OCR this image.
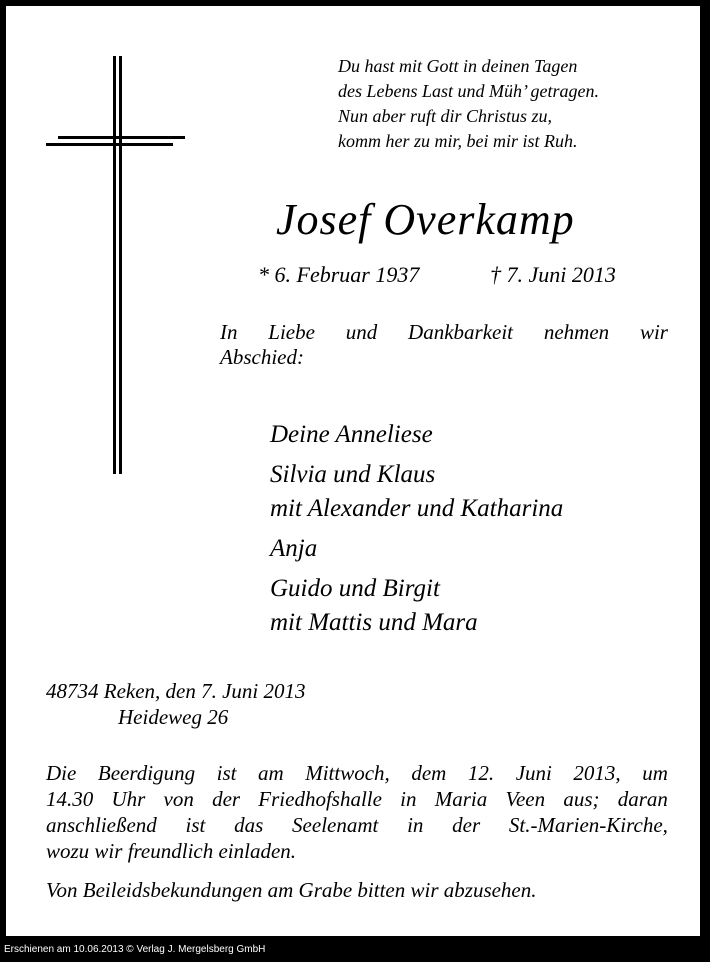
Du hast mit Gott in deinen Tagen
des Lebens Last und Müh’ getragen.
Nun aber ruft dir Christus zu,
komm her zu mir, bei mir ist Ruh.
Josef Overkamp
* 6. Februar 1937	† 7. Juni 2013
In Liebe und Dankbarkeit nehmen wir
Abschied:
Deine Anneliese
Silvia und Klaus
mit Alexander und Katharina
Anja
Guido und Birgit
mit Mattis und Mara
48734 Reken, den 7. Juni 2013
Heideweg 26
Die Beerdigung ist am Mittwoch, dem 12. Juni 2013, um
14.30 Uhr von der Friedhofshalle in Maria Veen aus; daran
anschließend ist das Seelenamt in der St.-Marien-Kirche,
wozu wir freundlich einladen.
Von Beileidsbekundungen am Grabe bitten wir abzusehen.
Erschienen am 10.06.2013 © Verlag J. Mergelsberg GmbH
